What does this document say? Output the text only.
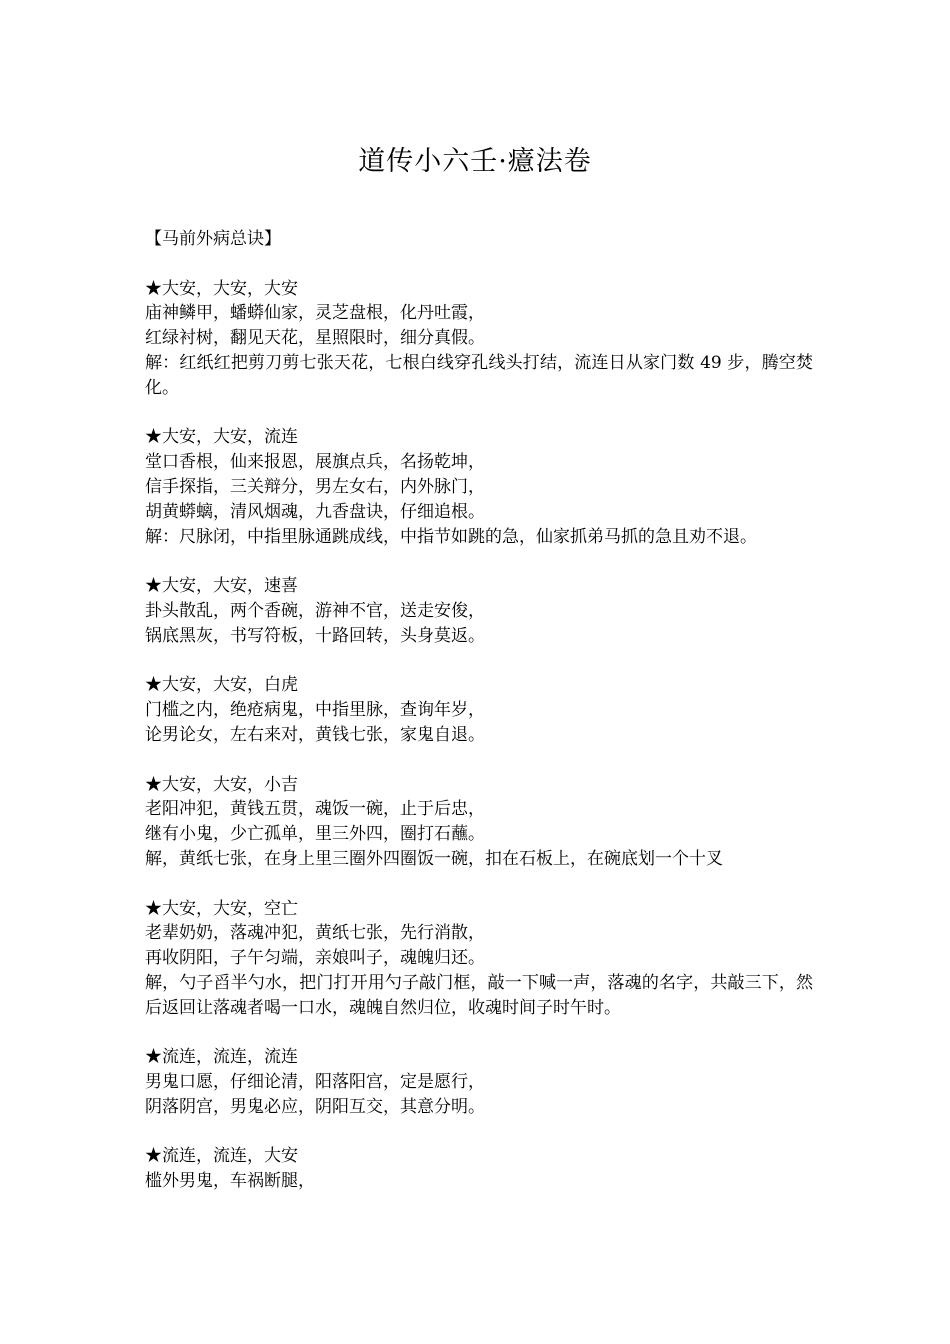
道传小六壬·癔法卷
【马前外病总诀】
★大安，大安，大安
庙神鳞甲，蟠蟒仙家，灵芝盘根，化丹吐霞，
红绿衬树，翻见天花，星照限时，细分真假。
解：红纸红把剪刀剪七张天花，七根白线穿孔线头打结，流连日从家门数 49 步，腾空焚化。
★大安，大安，流连
堂口香根，仙来报恩，展旗点兵，名扬乾坤，
信手探指，三关辩分，男左女右，内外脉门，
胡黄蟒螭，清风烟魂，九香盘诀，仔细追根。
解：尺脉闭，中指里脉通跳成线，中指节如跳的急，仙家抓弟马抓的急且劝不退。
★大安，大安，速喜
卦头散乱，两个香碗，游神不官，送走安俊，
锅底黑灰，书写符板，十路回转，头身莫返。
★大安，大安，白虎
门槛之内，绝疮病鬼，中指里脉，查询年岁，
论男论女，左右来对，黄钱七张，家鬼自退。
★大安，大安，小吉
老阳冲犯，黄钱五贯，魂饭一碗，止于后忠，
继有小鬼，少亡孤单，里三外四，圈打石蘸。
解，黄纸七张，在身上里三圈外四圈饭一碗，扣在石板上，在碗底划一个十叉
★大安，大安，空亡
老辈奶奶，落魂冲犯，黄纸七张，先行消散，
再收阴阳，子午匀端，亲娘叫子，魂魄归还。
解，勺子舀半勺水，把门打开用勺子敲门框，敲一下喊一声，落魂的名字，共敲三下，然后返回让落魂者喝一口水，魂魄自然归位，收魂时间子时午时。
★流连，流连，流连
男鬼口愿，仔细论清，阳落阳宫，定是愿行，
阴落阴宫，男鬼必应，阴阳互交，其意分明。
★流连，流连，大安
槛外男鬼，车祸断腿，
